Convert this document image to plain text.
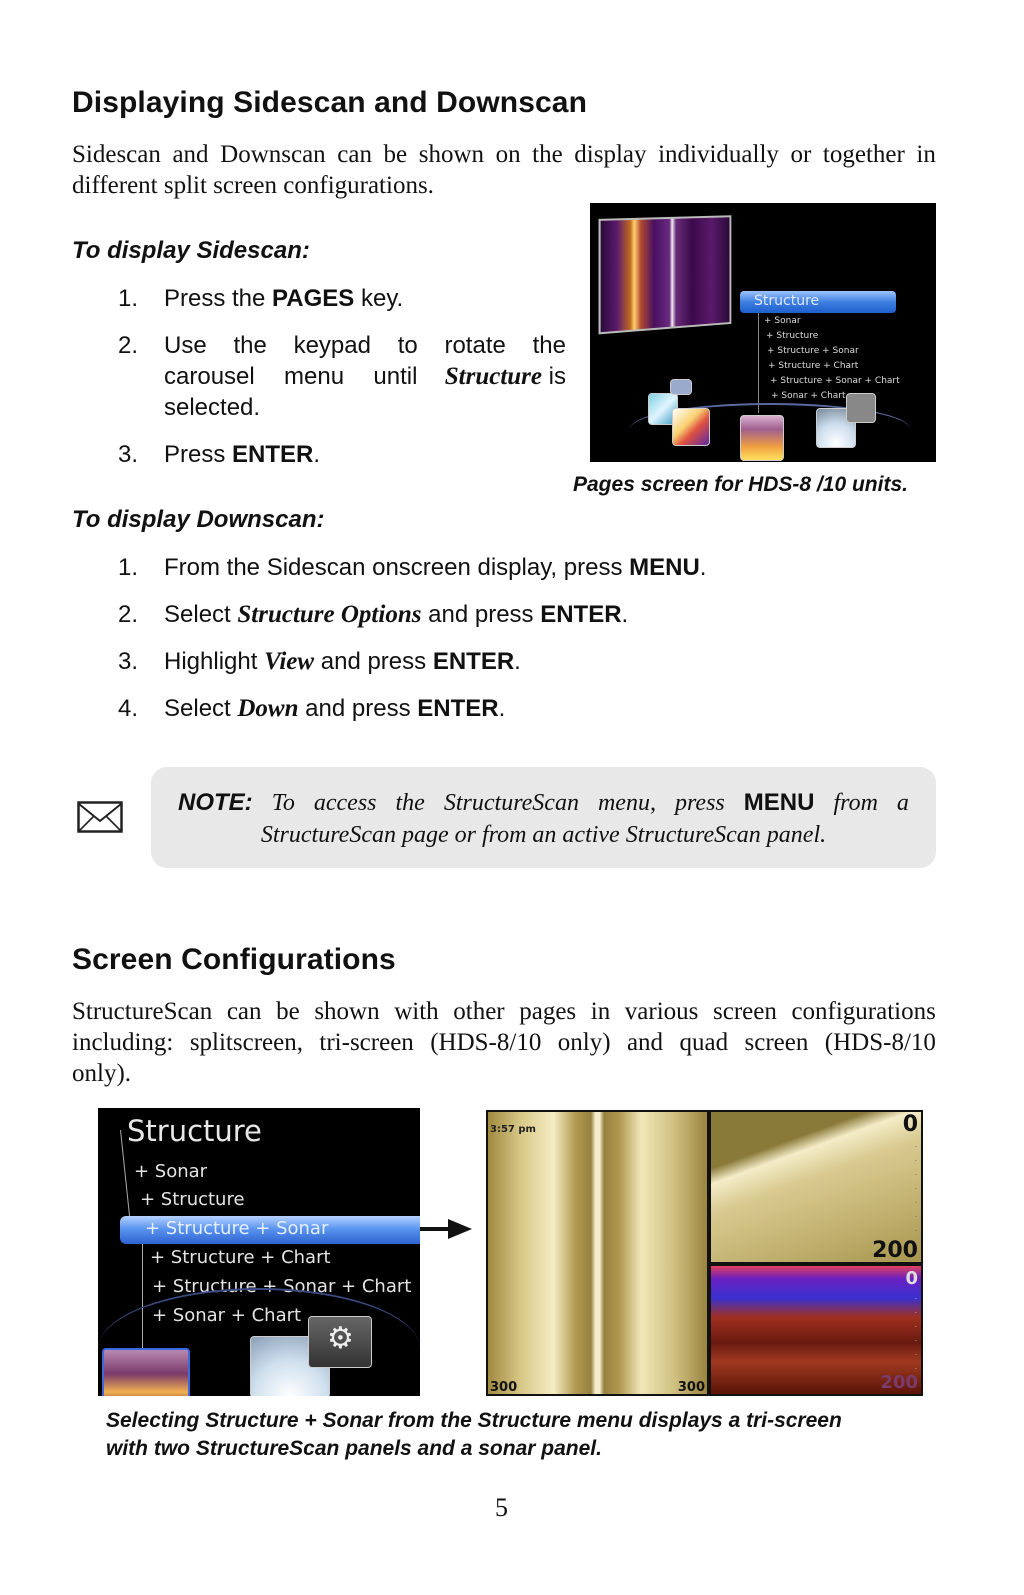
Displaying Sidescan and Downscan
Sidescan and Downscan can be shown on the display individually or together in
different split screen configurations.
To display Sidescan:
1. Press the PAGES key.
2. Use the keypad to rotate the
carousel  menu  until Structure is
selected.
3. Press ENTER.
Structure
+ Sonar
+ Structure
+ Structure + Sonar
+ Structure + Chart
+ Structure + Sonar + Chart
+ Sonar + Chart
Pages screen for HDS-8 /10 units.
To display Downscan:
1. From the Sidescan onscreen display, press MENU.
2. Select Structure Options and press ENTER.
3. Highlight View and press ENTER.
4. Select Down and press ENTER.
NOTE: To access the StructureScan menu, press MENU from a
StructureScan page or from an active StructureScan panel.
Screen Configurations
StructureScan can be shown with other pages in various screen configurations
including: splitscreen, tri-screen (HDS-8/10 only) and quad screen (HDS-8/10
only).
Structure
+ Sonar
+ Structure
+ Structure + Sonar
+ Structure + Chart
+ Structure + Sonar + Chart
+ Sonar + Chart
⚙
3:57 pm
300	300
0
·
·
·
·
·
·
·
200
0
·
·
·
·
·
·
200
Selecting Structure + Sonar from the Structure menu displays a tri-screen
with two StructureScan panels and a sonar panel.
5
